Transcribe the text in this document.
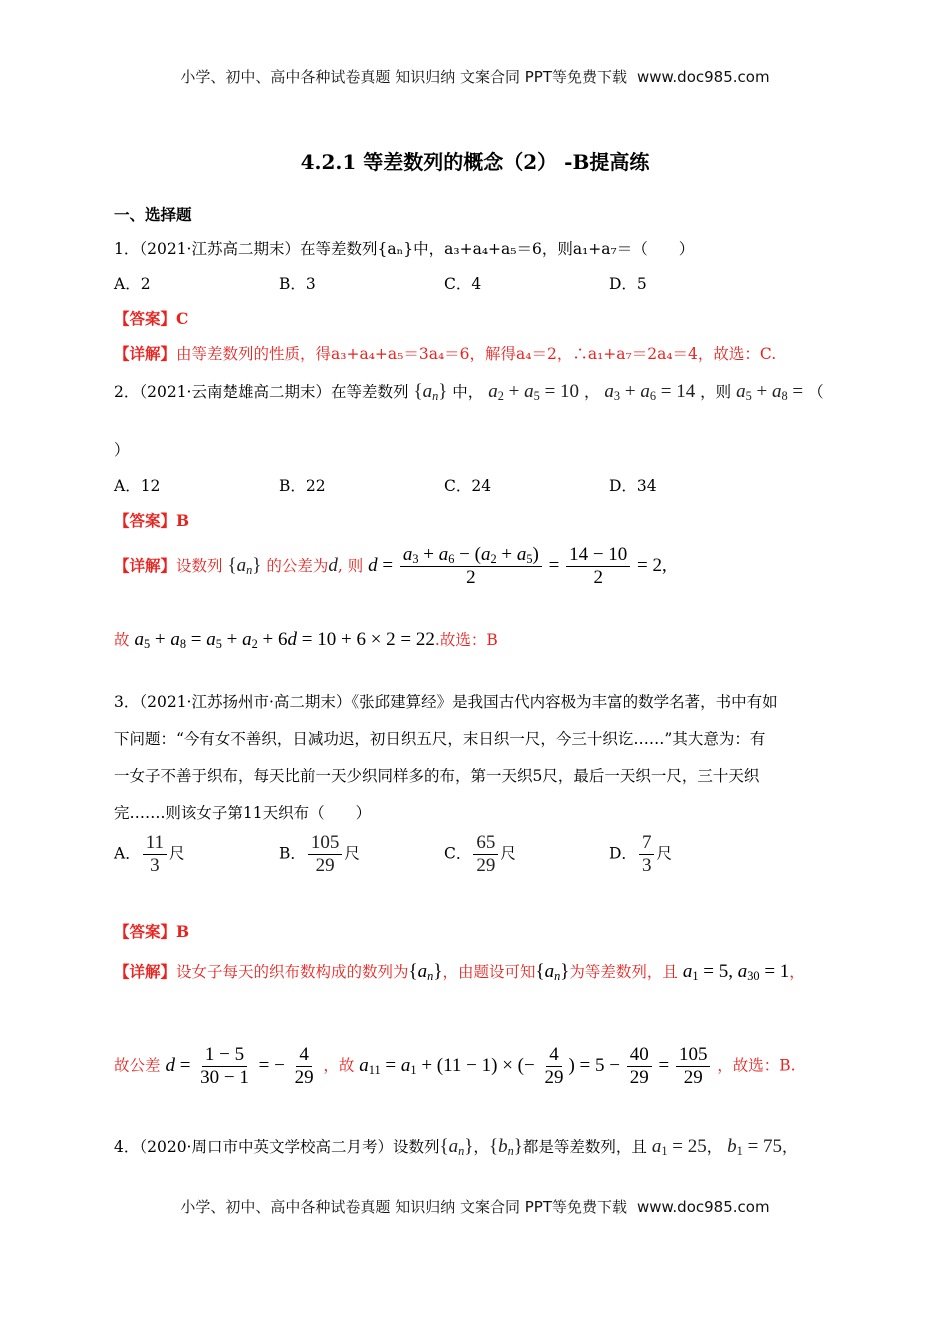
小学、初中、高中各种试卷真题 知识归纳 文案合同 PPT等免费下载 www.doc985.com
4.2.1 等差数列的概念（2） -B提高练
一、选择题
1．（2021·江苏高二期末）在等差数列{aₙ}中，a₃+a₄+a₅＝6，则a₁+a₇＝（　　）
A．2	B．3	C．4	D．5
【答案】C
【详解】由等差数列的性质，得a₃+a₄+a₅＝3a₄＝6，解得a₄＝2，∴a₁+a₇＝2a₄＝4，故选：C.
2．（2021·云南楚雄高二期末）在等差数列 $\{a_n\}$ 中， $a_2 + a_5 = 10$ ， $a_3 + a_6 = 14$ ，则 $a_5 + a_8$ = （
）
A．12	B．22	C．24	D．34
【答案】B
【详解】设数列 $\{a_n\}$ 的公差为d, 则 $d = \frac{a_3 + a_6 - (a_2 + a_5)}{2} = \frac{14 - 10}{2} = 2$,
故 $a_5 + a_8 = a_5 + a_2 + 6d = 10 + 6 \times 2 = 22$.故选：B
3．（2021·江苏扬州市·高二期末）《张邱建算经》是我国古代内容极为丰富的数学名著，书中有如
下问题：“今有女不善织，日减功迟，初日织五尺，末日织一尺，今三十织讫……”其大意为：有
一女子不善于织布，每天比前一天少织同样多的布，第一天织5尺，最后一天织一尺，三十天织
完…….则该女子第11天织布（　　）
A． $\frac{11}{3}$ 尺	B． $\frac{105}{29}$ 尺	C． $\frac{65}{29}$ 尺	D． $\frac{7}{3}$ 尺
【答案】B
【详解】设女子每天的织布数构成的数列为$\{a_n\}$，由题设可知$\{a_n\}$为等差数列，且 $a_1 = 5$, $a_{30} = 1$，
故公差 $d = \frac{1 - 5}{30 - 1}$ = − $\frac{4}{29}$ ，故 $a_{11} = a_1 + (11 - 1)$ × (− $\frac{4}{29}$ ) = $5 - \frac{40}{29} = \frac{105}{29}$ ，故选：B.
4．（2020·周口市中英文学校高二月考）设数列$\{a_n\}$，$\{b_n\}$都是等差数列，且 $a_1 = 25$， $b_1 = 75$，
小学、初中、高中各种试卷真题 知识归纳 文案合同 PPT等免费下载 www.doc985.com
